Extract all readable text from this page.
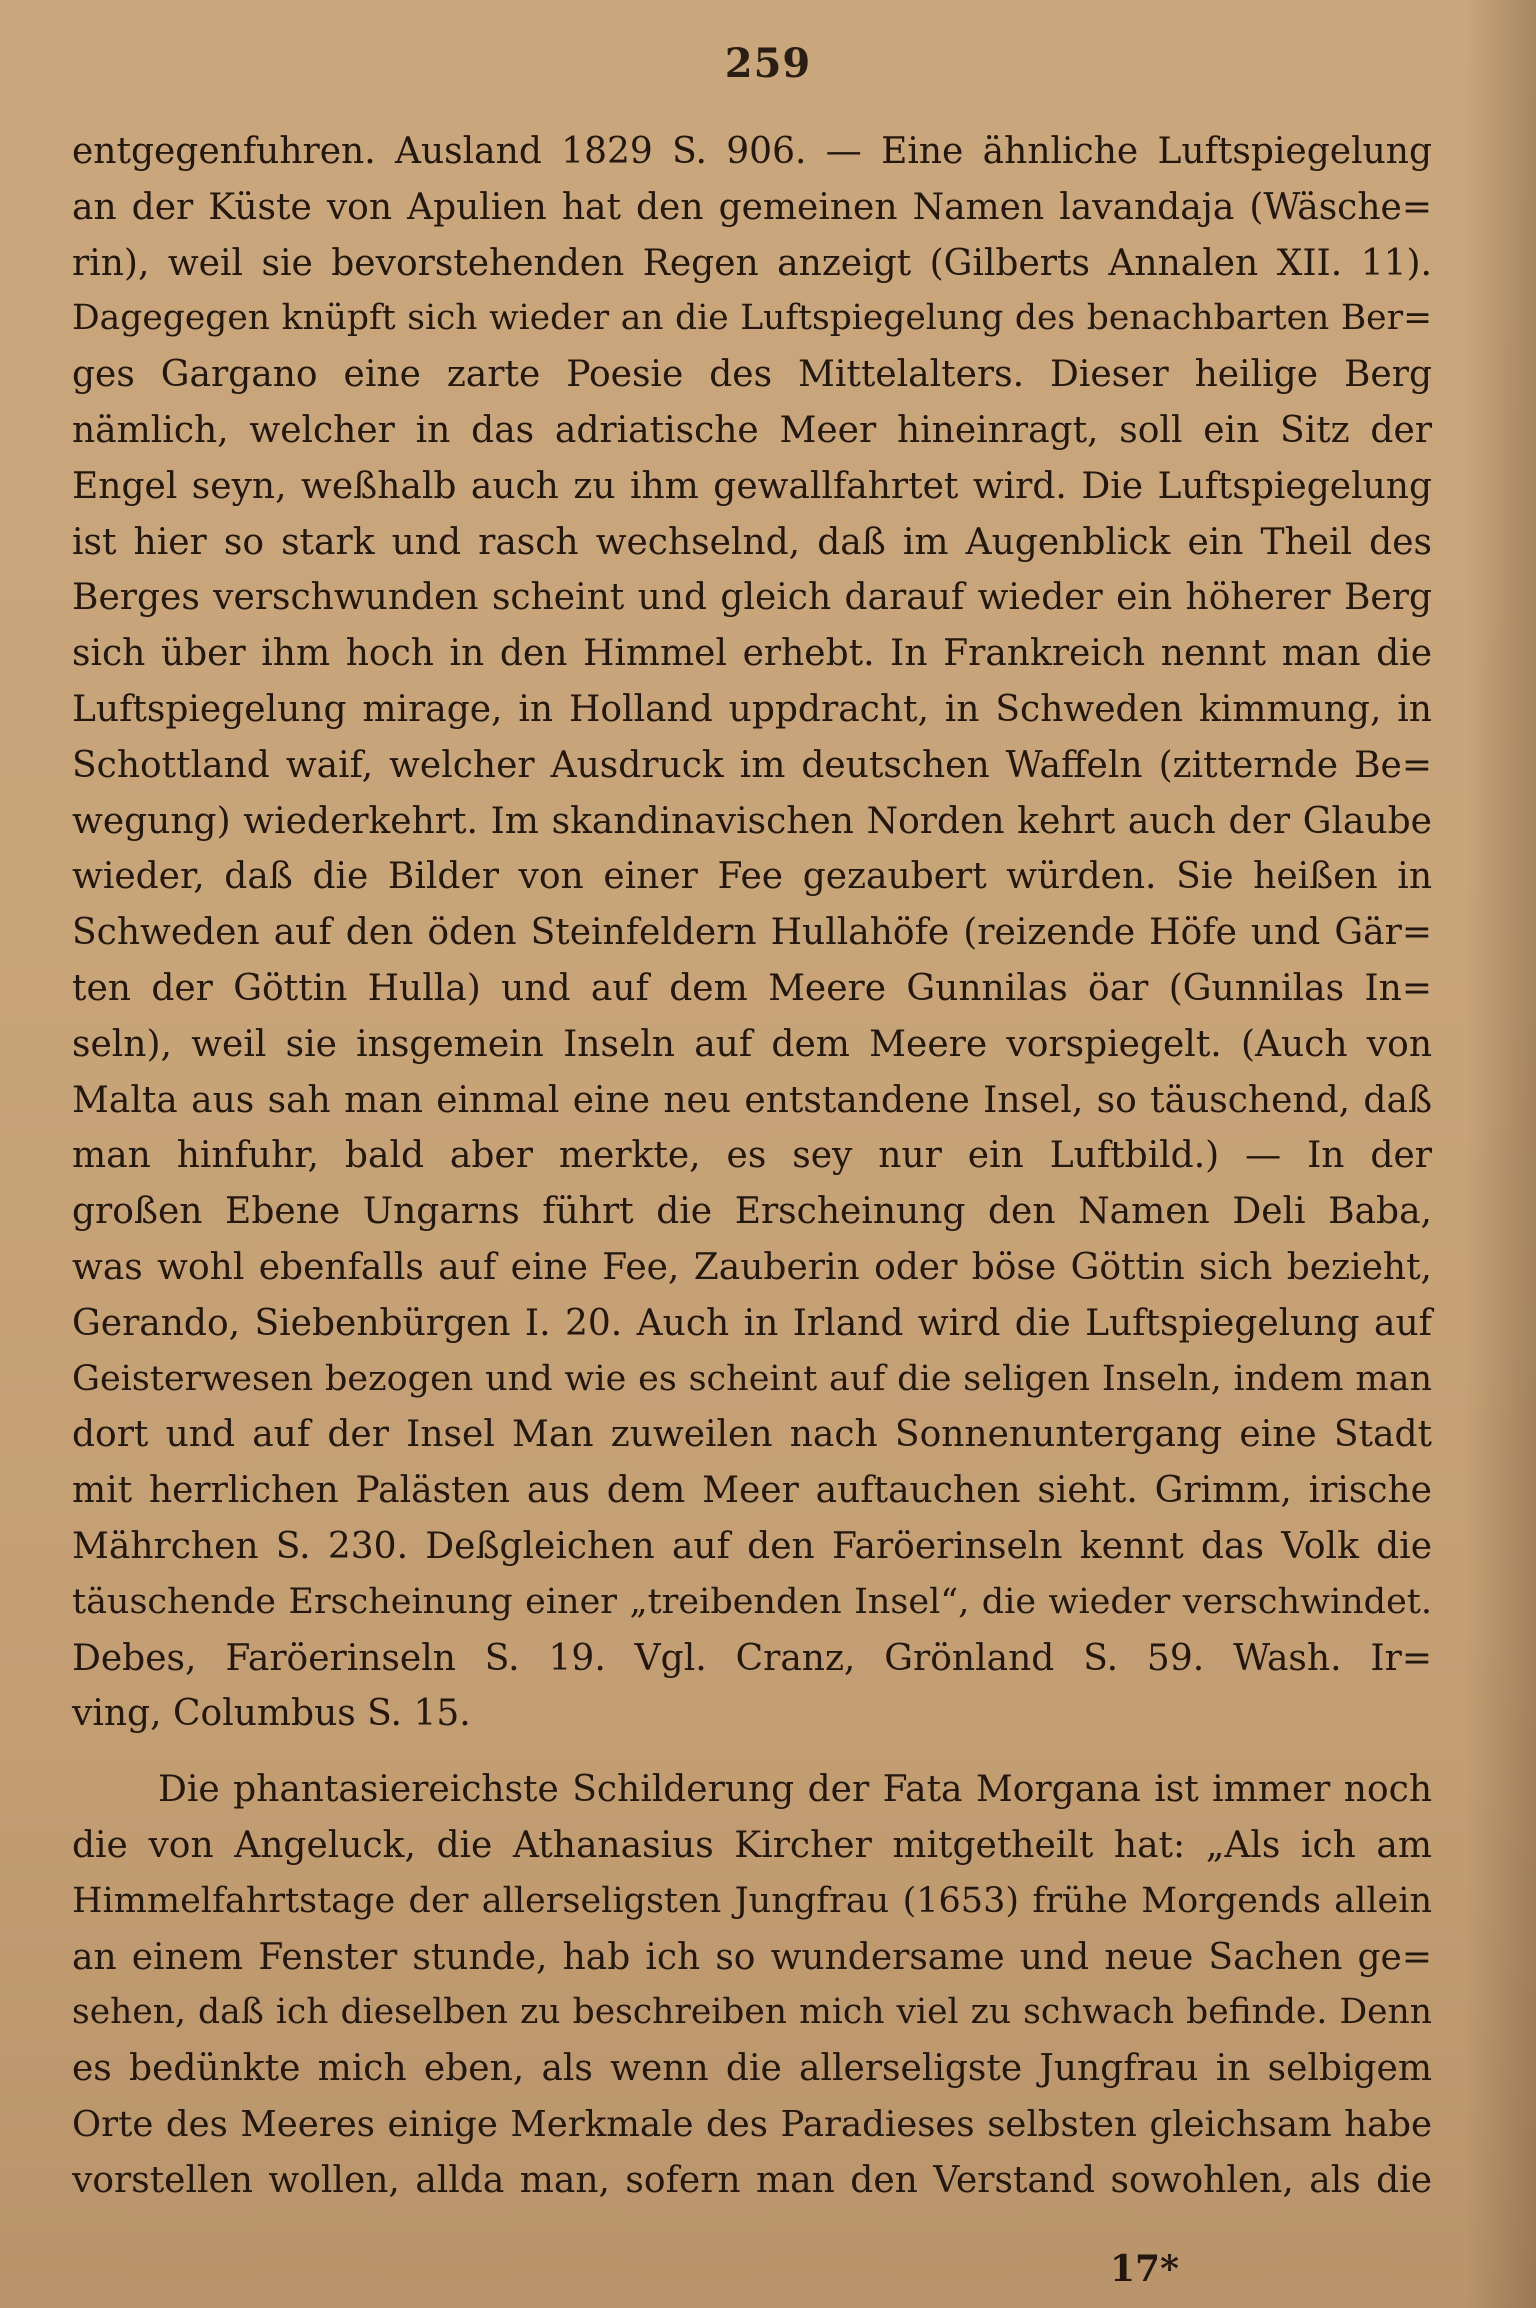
259
entgegenfuhren. Ausland 1829 S. 906. — Eine ähnliche Luftspiegelung
an der Küste von Apulien hat den gemeinen Namen lavandaja (Wäsche=
rin), weil sie bevorstehenden Regen anzeigt (Gilberts Annalen XII. 11).
Dagegegen knüpft sich wieder an die Luftspiegelung des benachbarten Ber=
ges Gargano eine zarte Poesie des Mittelalters. Dieser heilige Berg
nämlich, welcher in das adriatische Meer hineinragt, soll ein Sitz der
Engel seyn, weßhalb auch zu ihm gewallfahrtet wird. Die Luftspiegelung
ist hier so stark und rasch wechselnd, daß im Augenblick ein Theil des
Berges verschwunden scheint und gleich darauf wieder ein höherer Berg
sich über ihm hoch in den Himmel erhebt. In Frankreich nennt man die
Luftspiegelung mirage, in Holland uppdracht, in Schweden kimmung, in
Schottland waif, welcher Ausdruck im deutschen Waffeln (zitternde Be=
wegung) wiederkehrt. Im skandinavischen Norden kehrt auch der Glaube
wieder, daß die Bilder von einer Fee gezaubert würden. Sie heißen in
Schweden auf den öden Steinfeldern Hullahöfe (reizende Höfe und Gär=
ten der Göttin Hulla) und auf dem Meere Gunnilas öar (Gunnilas In=
seln), weil sie insgemein Inseln auf dem Meere vorspiegelt. (Auch von
Malta aus sah man einmal eine neu entstandene Insel, so täuschend, daß
man hinfuhr, bald aber merkte, es sey nur ein Luftbild.) — In der
großen Ebene Ungarns führt die Erscheinung den Namen Deli Baba,
was wohl ebenfalls auf eine Fee, Zauberin oder böse Göttin sich bezieht,
Gerando, Siebenbürgen I. 20. Auch in Irland wird die Luftspiegelung auf
Geisterwesen bezogen und wie es scheint auf die seligen Inseln, indem man
dort und auf der Insel Man zuweilen nach Sonnenuntergang eine Stadt
mit herrlichen Palästen aus dem Meer auftauchen sieht. Grimm, irische
Mährchen S. 230. Deßgleichen auf den Faröerinseln kennt das Volk die
täuschende Erscheinung einer „treibenden Insel“, die wieder verschwindet.
Debes, Faröerinseln S. 19. Vgl. Cranz, Grönland S. 59. Wash. Ir=
ving, Columbus S. 15.
Die phantasiereichste Schilderung der Fata Morgana ist immer noch
die von Angeluck, die Athanasius Kircher mitgetheilt hat: „Als ich am
Himmelfahrtstage der allerseligsten Jungfrau (1653) frühe Morgends allein
an einem Fenster stunde, hab ich so wundersame und neue Sachen ge=
sehen, daß ich dieselben zu beschreiben mich viel zu schwach befinde. Denn
es bedünkte mich eben, als wenn die allerseligste Jungfrau in selbigem
Orte des Meeres einige Merkmale des Paradieses selbsten gleichsam habe
vorstellen wollen, allda man, sofern man den Verstand sowohlen, als die
17*
